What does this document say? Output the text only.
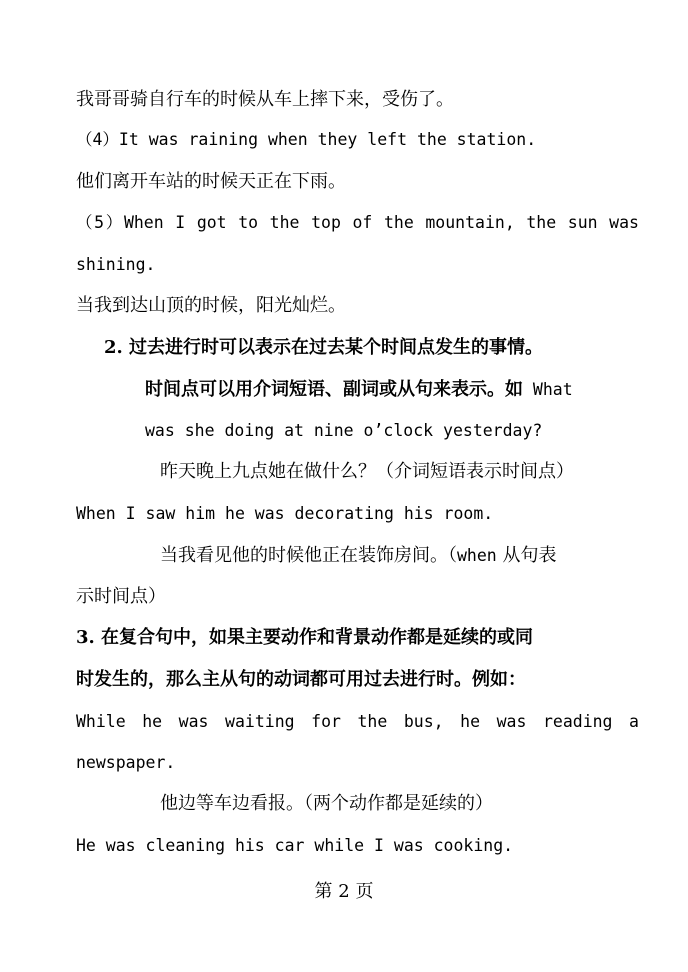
我哥哥骑自行车的时候从车上摔下来，受伤了。
（4）It was raining when they left the station.
他们离开车站的时候天正在下雨。
（5）When I got to the top of the mountain, the sun was
shining.
当我到达山顶的时候，阳光灿烂。
2. 过去进行时可以表示在过去某个时间点发生的事情。
时间点可以用介词短语、副词或从句来表示。如 What
was she doing at nine o’clock yesterday?
昨天晚上九点她在做什么？（介词短语表示时间点）
When I saw him he was decorating his room.
当我看见他的时候他正在装饰房间。（when 从句表
示时间点）
3. 在复合句中，如果主要动作和背景动作都是延续的或同
时发生的，那么主从句的动词都可用过去进行时。例如：
While he was waiting for the bus, he was reading a
newspaper.
他边等车边看报。（两个动作都是延续的）
He was cleaning his car while I was cooking.
第 2 页
